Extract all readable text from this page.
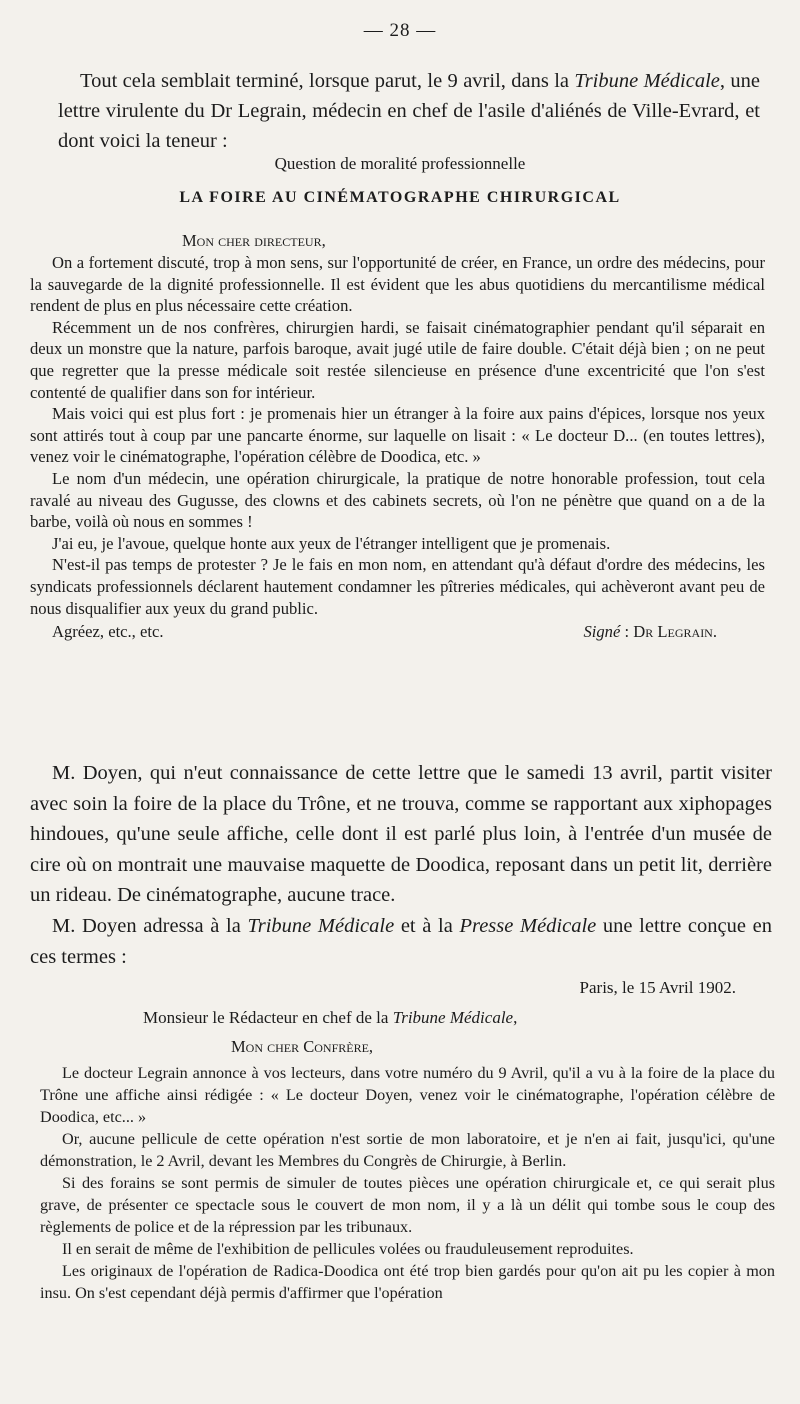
— 28 —

Tout cela semblait terminé, lorsque parut, le 9 avril, dans la Tribune Médicale, une lettre virulente du Dr Legrain, médecin en chef de l'asile d'aliénés de Ville-Evrard, et dont voici la teneur :

Question de moralité professionnelle
LA FOIRE AU CINÉMATOGRAPHE CHIRURGICAL
Mon cher directeur,

On a fortement discuté, trop à mon sens, sur l'opportunité de créer, en France, un ordre des médecins, pour la sauvegarde de la dignité professionnelle. Il est évident que les abus quotidiens du mercantilisme médical rendent de plus en plus nécessaire cette création.

Récemment un de nos confrères, chirurgien hardi, se faisait cinématographier pendant qu'il séparait en deux un monstre que la nature, parfois baroque, avait jugé utile de faire double. C'était déjà bien ; on ne peut que regretter que la presse médicale soit restée silencieuse en présence d'une excentricité que l'on s'est contenté de qualifier dans son for intérieur.

Mais voici qui est plus fort : je promenais hier un étranger à la foire aux pains d'épices, lorsque nos yeux sont attirés tout à coup par une pancarte énorme, sur laquelle on lisait : « Le docteur D... (en toutes lettres), venez voir le cinématographe, l'opération célèbre de Doodica, etc. »

Le nom d'un médecin, une opération chirurgicale, la pratique de notre honorable profession, tout cela ravalé au niveau des Gugusse, des clowns et des cabinets secrets, où l'on ne pénètre que quand on a de la barbe, voilà où nous en sommes !

J'ai eu, je l'avoue, quelque honte aux yeux de l'étranger intelligent que je promenais.

N'est-il pas temps de protester ? Je le fais en mon nom, en attendant qu'à défaut d'ordre des médecins, les syndicats professionnels déclarent hautement condamner les pîtreries médicales, qui achèveront avant peu de nous disqualifier aux yeux du grand public.

Agréez, etc., etc.	Signé : Dr Legrain.

M. Doyen, qui n'eut connaissance de cette lettre que le samedi 13 avril, partit visiter avec soin la foire de la place du Trône, et ne trouva, comme se rapportant aux xiphopages hindoues, qu'une seule affiche, celle dont il est parlé plus loin, à l'entrée d'un musée de cire où on montrait une mauvaise maquette de Doodica, reposant dans un petit lit, derrière un rideau. De cinématographe, aucune trace.

M. Doyen adressa à la Tribune Médicale et à la Presse Médicale une lettre conçue en ces termes :

Paris, le 15 Avril 1902.
Monsieur le Rédacteur en chef de la Tribune Médicale,
Mon cher Confrère,

Le docteur Legrain annonce à vos lecteurs, dans votre numéro du 9 Avril, qu'il a vu à la foire de la place du Trône une affiche ainsi rédigée : « Le docteur Doyen, venez voir le cinématographe, l'opération célèbre de Doodica, etc... »

Or, aucune pellicule de cette opération n'est sortie de mon laboratoire, et je n'en ai fait, jusqu'ici, qu'une démonstration, le 2 Avril, devant les Membres du Congrès de Chirurgie, à Berlin.

Si des forains se sont permis de simuler de toutes pièces une opération chirurgicale et, ce qui serait plus grave, de présenter ce spectacle sous le couvert de mon nom, il y a là un délit qui tombe sous le coup des règlements de police et de la répression par les tribunaux.

Il en serait de même de l'exhibition de pellicules volées ou frauduleusement reproduites.

Les originaux de l'opération de Radica-Doodica ont été trop bien gardés pour qu'on ait pu les copier à mon insu. On s'est cependant déjà permis d'affirmer que l'opération
